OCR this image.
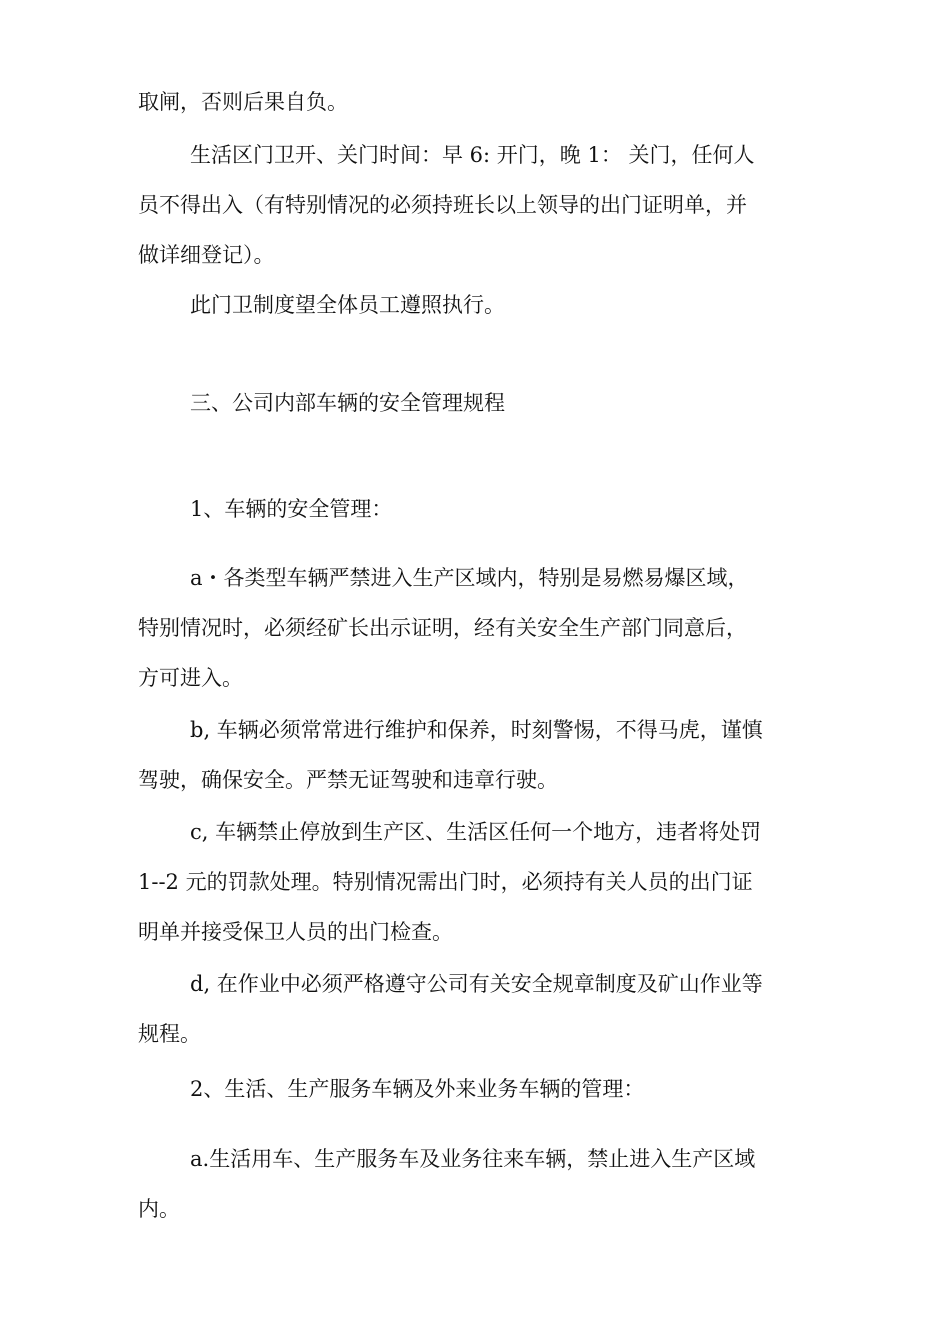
取闸，否则后果自负。
生活区门卫开、关门时间：早 6: 开门，晚 1： 关门，任何人
员不得出入（有特别情况的必须持班长以上领导的出门证明单，并
做详细登记）。
此门卫制度望全体员工遵照执行。
三、公司内部车辆的安全管理规程
1、车辆的安全管理：
a・各类型车辆严禁进入生产区域内，特别是易燃易爆区域，
特别情况时，必须经矿长出示证明，经有关安全生产部门同意后，
方可进入。
b, 车辆必须常常进行维护和保养，时刻警惕，不得马虎，谨慎
驾驶，确保安全。严禁无证驾驶和违章行驶。
c, 车辆禁止停放到生产区、生活区任何一个地方，违者将处罚
1--2 元的罚款处理。特别情况需出门时，必须持有关人员的出门证
明单并接受保卫人员的出门检查。
d, 在作业中必须严格遵守公司有关安全规章制度及矿山作业等
规程。
2、生活、生产服务车辆及外来业务车辆的管理：
a.生活用车、生产服务车及业务往来车辆，禁止进入生产区域
内。
